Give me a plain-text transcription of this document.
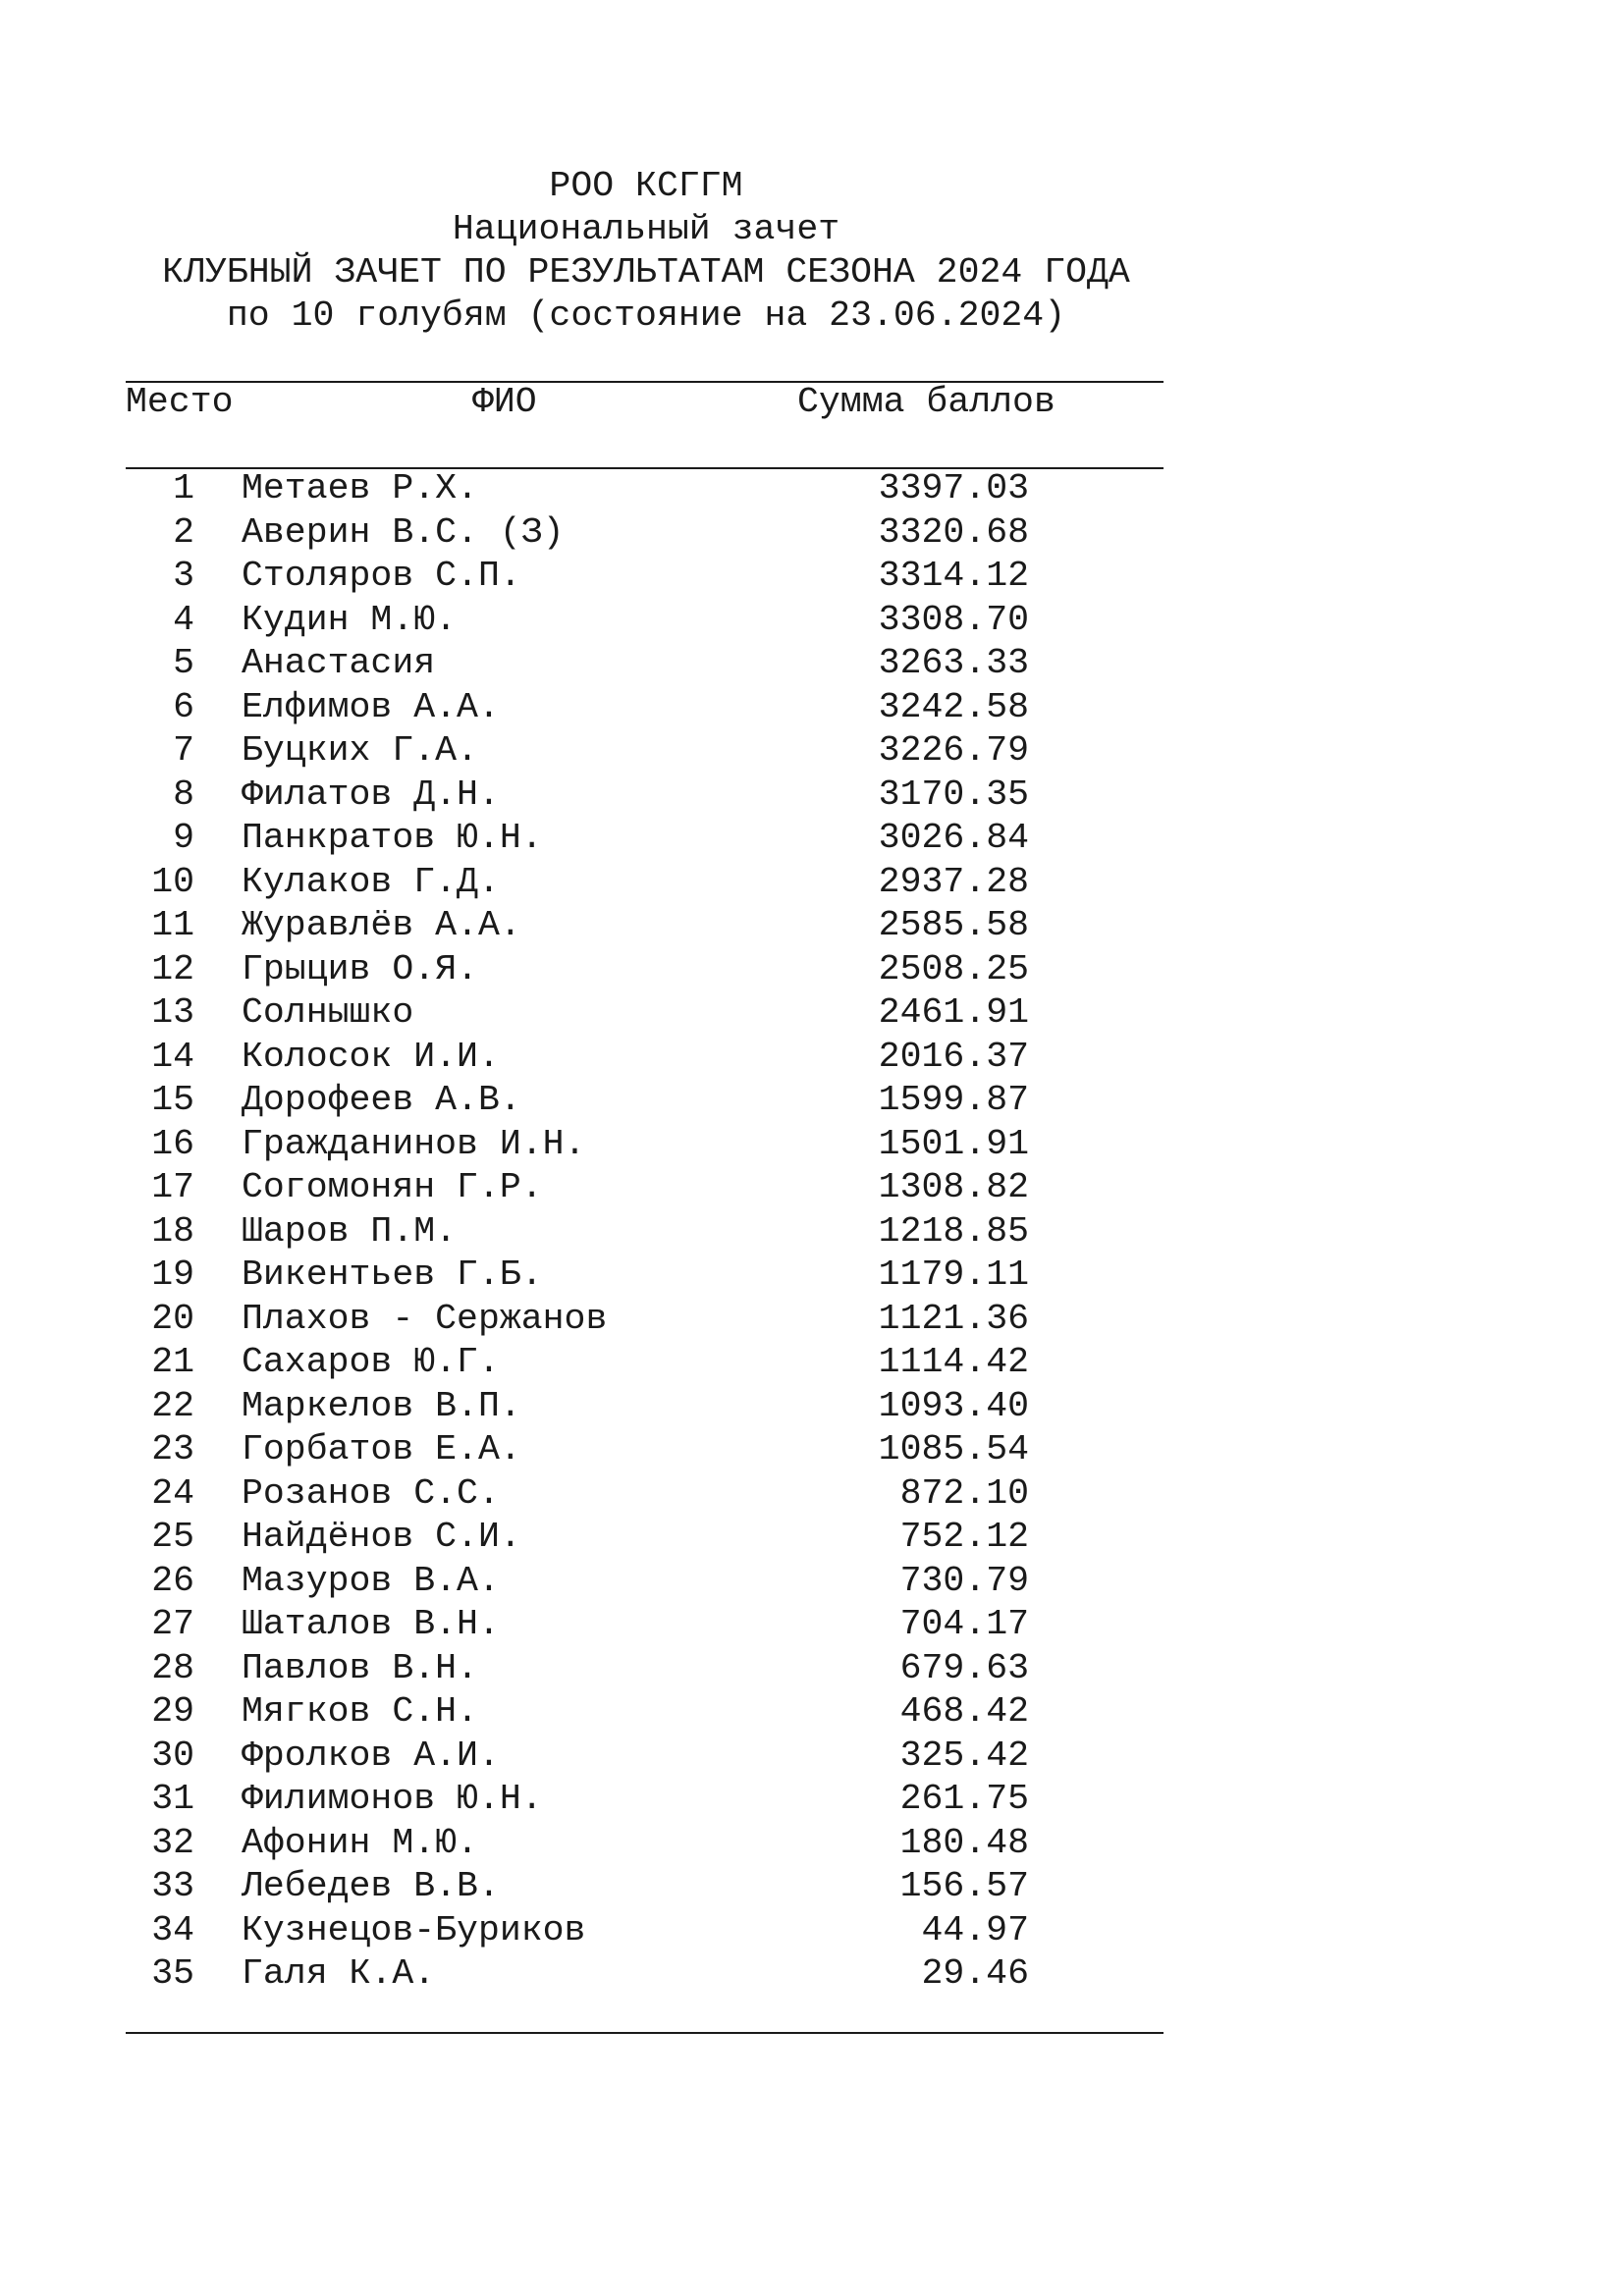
РОО КСГГМ
Национальный зачет
КЛУБНЫЙ ЗАЧЕТ ПО РЕЗУЛЬТАТАМ СЕЗОНА 2024 ГОДА
по 10 голубям (состояние на 23.06.2024)
Место	ФИО	Сумма баллов
1 Метаев Р.Х.	3397.03
2 Аверин В.С. (З)	3320.68
3 Столяров С.П.	3314.12
4 Кудин М.Ю.	3308.70
5 Анастасия	3263.33
6 Елфимов А.А.	3242.58
7 Буцких Г.А.	3226.79
8 Филатов Д.Н.	3170.35
9 Панкратов Ю.Н.	3026.84
10 Кулаков Г.Д.	2937.28
11 Журавлёв А.А.	2585.58
12 Грыцив О.Я.	2508.25
13 Солнышко	2461.91
14 Колосок И.И.	2016.37
15 Дорофеев А.В.	1599.87
16 Гражданинов И.Н.	1501.91
17 Согомонян Г.Р.	1308.82
18 Шаров П.М.	1218.85
19 Викентьев Г.Б.	1179.11
20 Плахов - Сержанов	1121.36
21 Сахаров Ю.Г.	1114.42
22 Маркелов В.П.	1093.40
23 Горбатов Е.А.	1085.54
24 Розанов С.С.	872.10
25 Найдёнов С.И.	752.12
26 Мазуров В.А.	730.79
27 Шаталов В.Н.	704.17
28 Павлов В.Н.	679.63
29 Мягков С.Н.	468.42
30 Фролков А.И.	325.42
31 Филимонов Ю.Н.	261.75
32 Афонин М.Ю.	180.48
33 Лебедев В.В.	156.57
34 Кузнецов-Буриков	44.97
35 Галя К.А.	29.46
